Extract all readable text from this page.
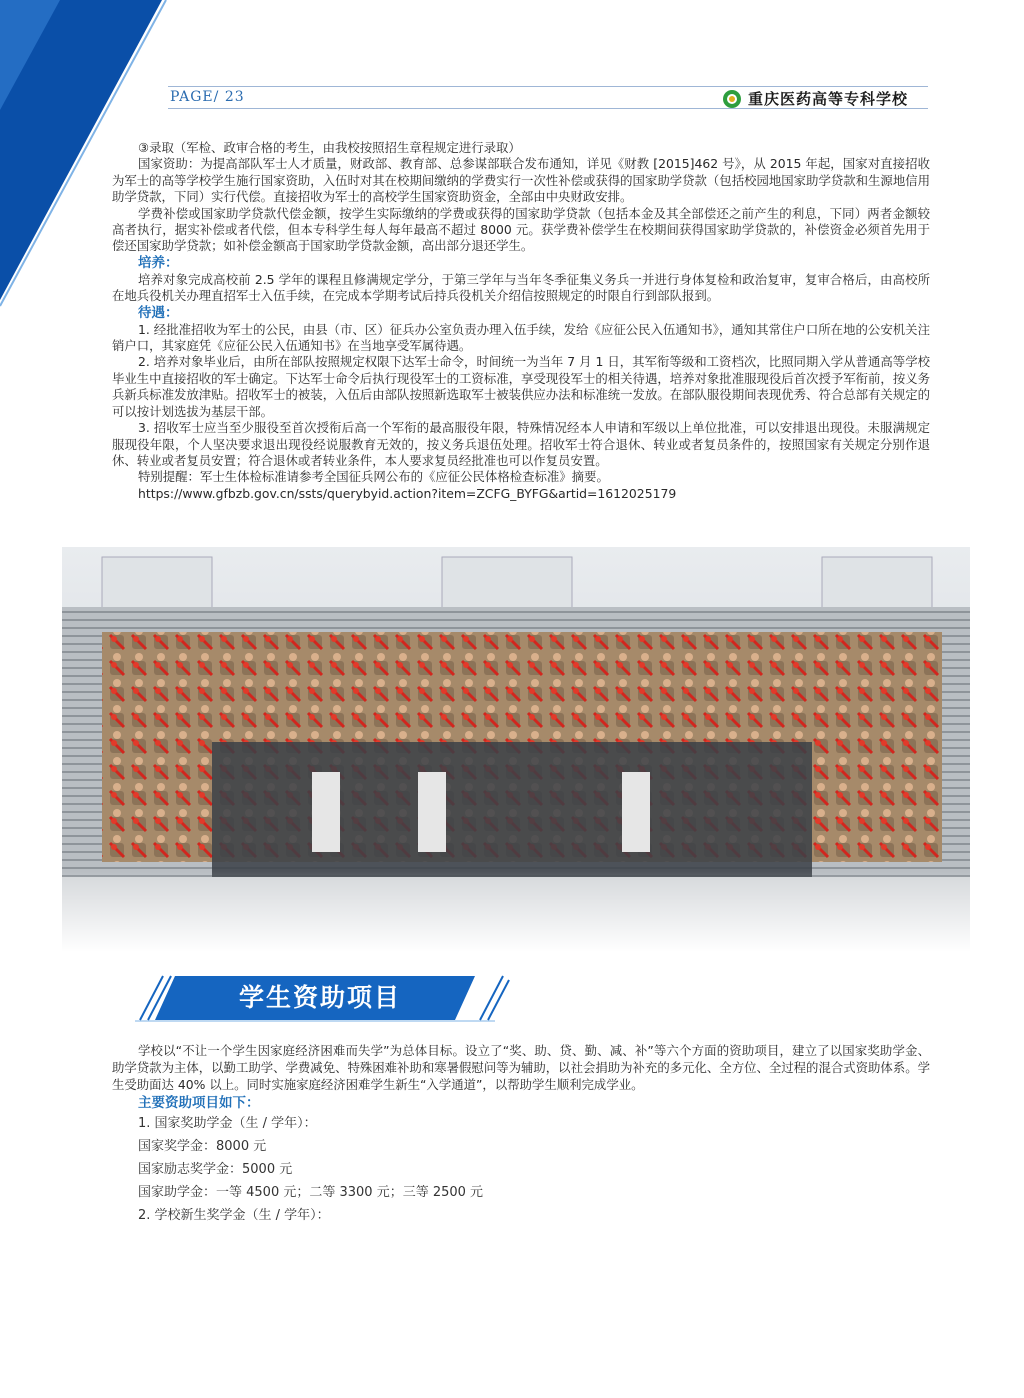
PAGE/ 23	重庆医药高等专科学校

③录取（军检、政审合格的考生，由我校按照招生章程规定进行录取）

国家资助：为提高部队军士人才质量，财政部、教育部、总参谋部联合发布通知，详见《财教 [2015]462 号》，从 2015 年起，国家对直接招收为军士的高等学校学生施行国家资助，入伍时对其在校期间缴纳的学费实行一次性补偿或获得的国家助学贷款（包括校园地国家助学贷款和生源地信用助学贷款，下同）实行代偿。直接招收为军士的高校学生国家资助资金，全部由中央财政安排。

学费补偿或国家助学贷款代偿金额，按学生实际缴纳的学费或获得的国家助学贷款（包括本金及其全部偿还之前产生的利息，下同）两者金额较高者执行，据实补偿或者代偿，但本专科学生每人每年最高不超过 8000 元。获学费补偿学生在校期间获得国家助学贷款的，补偿资金必须首先用于偿还国家助学贷款；如补偿金额高于国家助学贷款金额，高出部分退还学生。

培养：

培养对象完成高校前 2.5 学年的课程且修满规定学分，于第三学年与当年冬季征集义务兵一并进行身体复检和政治复审，复审合格后，由高校所在地兵役机关办理直招军士入伍手续，在完成本学期考试后持兵役机关介绍信按照规定的时限自行到部队报到。

待遇：

1. 经批准招收为军士的公民，由县（市、区）征兵办公室负责办理入伍手续，发给《应征公民入伍通知书》，通知其常住户口所在地的公安机关注销户口，其家庭凭《应征公民入伍通知书》在当地享受军属待遇。

2. 培养对象毕业后，由所在部队按照规定权限下达军士命令，时间统一为当年 7 月 1 日，其军衔等级和工资档次，比照同期入学从普通高等学校毕业生中直接招收的军士确定。下达军士命令后执行现役军士的工资标准，享受现役军士的相关待遇，培养对象批准服现役后首次授予军衔前，按义务兵新兵标准发放津贴。招收军士的被装，入伍后由部队按照新选取军士被装供应办法和标准统一发放。在部队服役期间表现优秀、符合总部有关规定的可以按计划选拔为基层干部。

3. 招收军士应当至少服役至首次授衔后高一个军衔的最高服役年限，特殊情况经本人申请和军级以上单位批准，可以安排退出现役。未服满规定服现役年限，个人坚决要求退出现役经说服教育无效的，按义务兵退伍处理。招收军士符合退休、转业或者复员条件的，按照国家有关规定分别作退休、转业或者复员安置；符合退休或者转业条件，本人要求复员经批准也可以作复员安置。

特别提醒：军士生体检标准请参考全国征兵网公布的《应征公民体格检查标准》摘要。

https://www.gfbzb.gov.cn/ssts/querybyid.action?item=ZCFG_BYFG&artid=1612025179

学生资助项目

学校以“不让一个学生因家庭经济困难而失学”为总体目标。设立了“奖、助、贷、勤、减、补”等六个方面的资助项目，建立了以国家奖助学金、助学贷款为主体，以勤工助学、学费减免、特殊困难补助和寒暑假慰问等为辅助，以社会捐助为补充的多元化、全方位、全过程的混合式资助体系。学生受助面达 40% 以上。同时实施家庭经济困难学生新生“入学通道”，以帮助学生顺利完成学业。

主要资助项目如下：
1. 国家奖助学金（生 / 学年）：
国家奖学金：8000 元
国家励志奖学金：5000 元
国家助学金：一等 4500 元；二等 3300 元；三等 2500 元
2. 学校新生奖学金（生 / 学年）：
